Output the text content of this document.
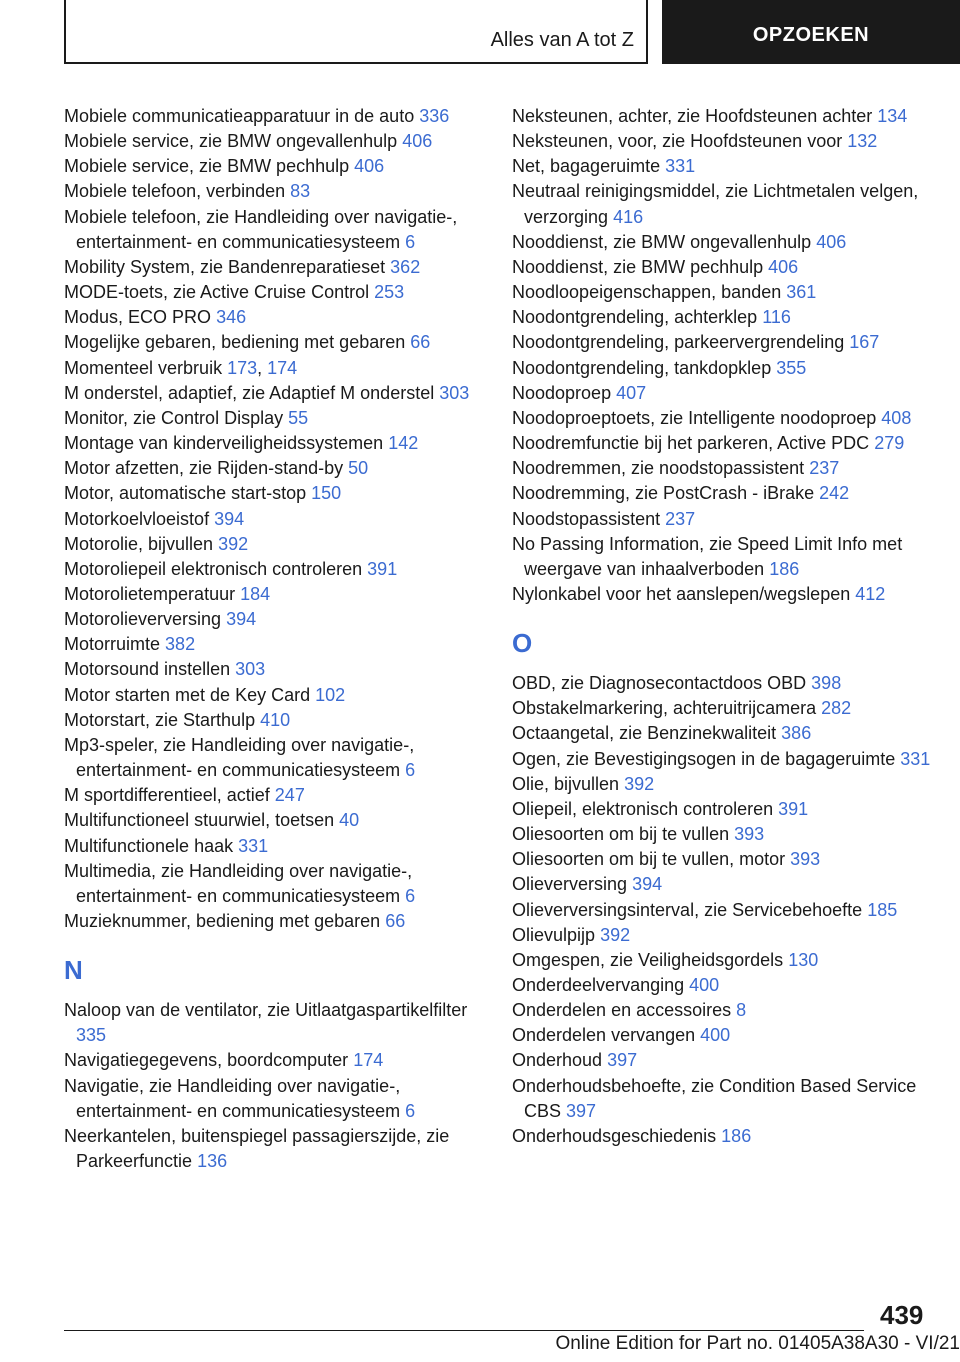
Alles van A tot Z	OPZOEKEN

Mobiele communicatieapparatuur in de auto 336

Mobiele service, zie BMW ongevallenhulp 406

Mobiele service, zie BMW pechhulp 406

Mobiele telefoon, verbinden 83

Mobiele telefoon, zie Handleiding over navigatie-, entertainment- en communicatiesysteem 6

Mobility System, zie Bandenreparatieset 362

MODE-toets, zie Active Cruise Control 253

Modus, ECO PRO 346

Mogelijke gebaren, bediening met gebaren 66

Momenteel verbruik 173, 174

M onderstel, adaptief, zie Adaptief M onderstel 303

Monitor, zie Control Display 55

Montage van kinderveiligheidssystemen 142

Motor afzetten, zie Rijden-stand-by 50

Motor, automatische start-stop 150

Motorkoelvloeistof 394

Motorolie, bijvullen 392

Motoroliepeil elektronisch controleren 391

Motorolietemperatuur 184

Motorolieverversing 394

Motorruimte 382

Motorsound instellen 303

Motor starten met de Key Card 102

Motorstart, zie Starthulp 410

Mp3-speler, zie Handleiding over navigatie-, entertainment- en communicatiesysteem 6

M sportdifferentieel, actief 247

Multifunctioneel stuurwiel, toetsen 40

Multifunctionele haak 331

Multimedia, zie Handleiding over navigatie-, entertainment- en communicatiesysteem 6

Muzieknummer, bediening met gebaren 66

N

Naloop van de ventilator, zie Uitlaatgaspartikelfilter 335

Navigatiegegevens, boordcomputer 174

Navigatie, zie Handleiding over navigatie-, entertainment- en communicatiesysteem 6

Neerkantelen, buitenspiegel passagierszijde, zie Parkeerfunctie 136

Neksteunen, achter, zie Hoofdsteunen achter 134

Neksteunen, voor, zie Hoofdsteunen voor 132

Net, bagageruimte 331

Neutraal reinigingsmiddel, zie Lichtmetalen velgen, verzorging 416

Nooddienst, zie BMW ongevallenhulp 406

Nooddienst, zie BMW pechhulp 406

Noodloopeigenschappen, banden 361

Noodontgrendeling, achterklep 116

Noodontgrendeling, parkeervergrendeling 167

Noodontgrendeling, tankdopklep 355

Noodoproep 407

Noodoproeptoets, zie Intelligente noodoproep 408

Noodremfunctie bij het parkeren, Active PDC 279

Noodremmen, zie noodstopassistent 237

Noodremming, zie PostCrash - iBrake 242

Noodstopassistent 237

No Passing Information, zie Speed Limit Info met weergave van inhaalverboden 186

Nylonkabel voor het aanslepen/wegslepen 412

O

OBD, zie Diagnosecontactdoos OBD 398

Obstakelmarkering, achteruitrijcamera 282

Octaangetal, zie Benzinekwaliteit 386

Ogen, zie Bevestigingsogen in de bagageruimte 331

Olie, bijvullen 392

Oliepeil, elektronisch controleren 391

Oliesoorten om bij te vullen 393

Oliesoorten om bij te vullen, motor 393

Olieverversing 394

Olieverversingsinterval, zie Servicebehoefte 185

Olievulpijp 392

Omgespen, zie Veiligheidsgordels 130

Onderdeelvervanging 400

Onderdelen en accessoires 8

Onderdelen vervangen 400

Onderhoud 397

Onderhoudsbehoefte, zie Condition Based Service CBS 397

Onderhoudsgeschiedenis 186

439
Online Edition for Part no. 01405A38A30 - VI/21
